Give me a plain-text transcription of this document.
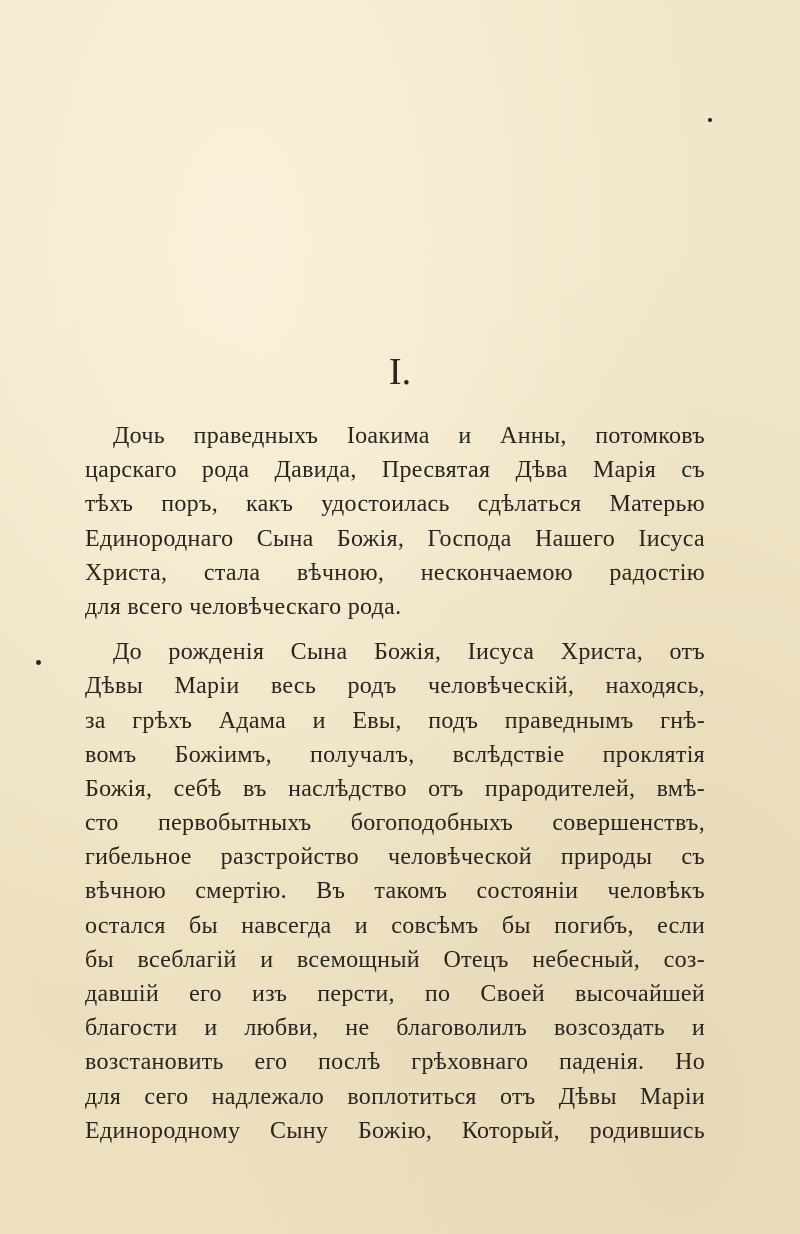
I.

Дочь праведныхъ Іоакима и Анны, потомковъ
царскаго рода Давида, Пресвятая Дѣва Марія съ
тѣхъ поръ, какъ удостоилась сдѣлаться Матерью
Единороднаго Сына Божія, Господа Нашего Іисуса
Христа, стала вѣчною, нескончаемою радостію
для всего человѣческаго рода.

До рожденія Сына Божія, Іисуса Христа, отъ
Дѣвы Маріи весь родъ человѣческій, находясь,
за грѣхъ Адама и Евы, подъ праведнымъ гнѣ-
вомъ Божіимъ, получалъ, вслѣдствіе проклятія
Божія, себѣ въ наслѣдство отъ прародителей, вмѣ-
сто первобытныхъ богоподобныхъ совершенствъ,
гибельное разстройство человѣческой природы съ
вѣчною смертію. Въ такомъ состояніи человѣкъ
остался бы навсегда и совсѣмъ бы погибъ, если
бы всеблагій и всемощный Отецъ небесный, соз-
давшій его изъ персти, по Своей высочайшей
благости и любви, не благоволилъ возсоздать и
возстановить его послѣ грѣховнаго паденія. Но
для сего надлежало воплотиться отъ Дѣвы Маріи
Единородному Сыну Божію, Который, родившись
